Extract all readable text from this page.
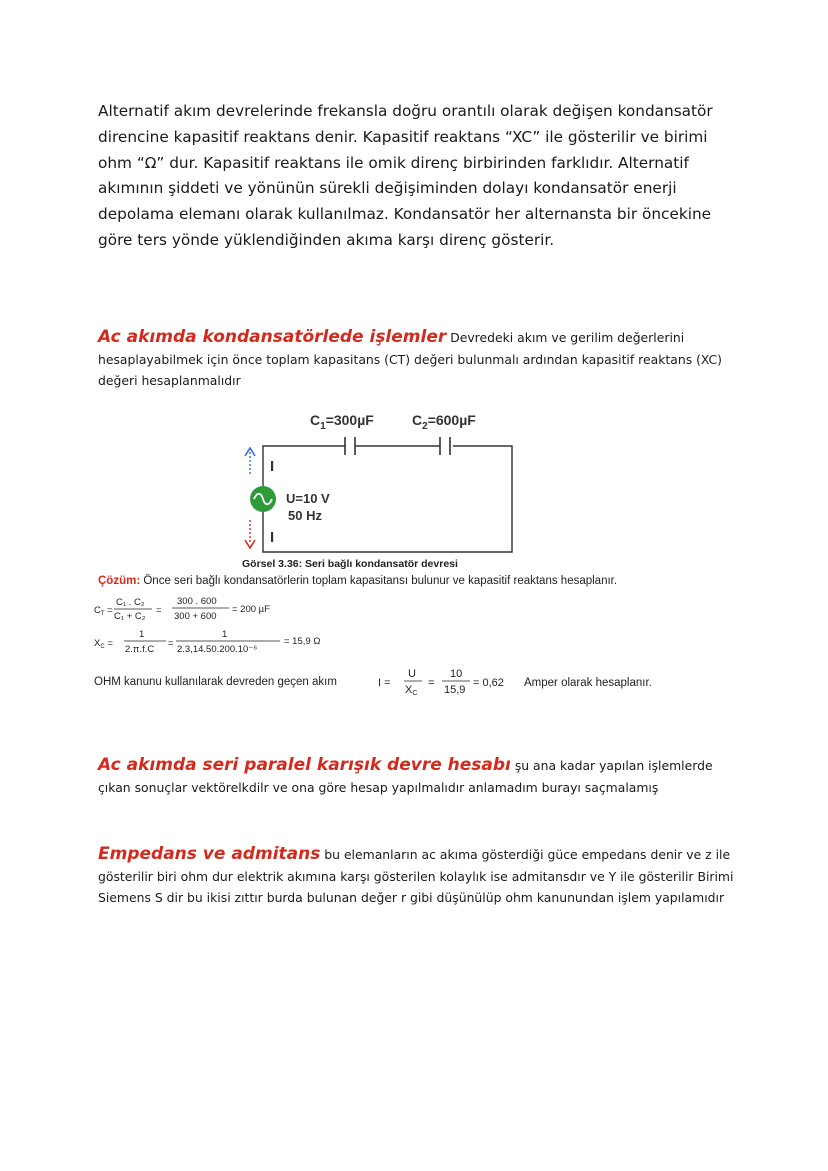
Alternatif akım devrelerinde frekansla doğru orantılı olarak değişen kondansatör direncine kapasitif reaktans denir. Kapasitif reaktans “XC” ile gösterilir ve birimi ohm “Ω” dur. Kapasitif reaktans ile omik direnç birbirinden farklıdır. Alternatif akımının şiddeti ve yönünün sürekli değişiminden dolayı kondansatör enerji depolama elemanı olarak kullanılmaz. Kondansatör her alternansta bir öncekine göre ters yönde yüklendiğinden akıma karşı direnç gösterir.

Ac akımda kondansatörlede işlemler Devredeki akım ve gerilim değerlerini hesaplayabilmek için önce toplam kapasitans (CT) değeri bulunmalı ardından kapasitif reaktans (XC) değeri hesaplanmalıdır

$C_1=300\mu F$	$C_2=600\mu F$
U=10 V
50 Hz
I
I
Görsel 3.36: Seri bağlı kondansatör devresi
Çözüm: Önce seri bağlı kondansatörlerin toplam kapasitansı bulunur ve kapasitif reaktans hesaplanır.
$C_T$ =
C₁ . C₂
C₁ + C₂
=
300 . 600
300 + 600
= 200 µF
$X_C$ =
1
2.π.f.C
=
1
2.3,14.50.200.10⁻⁶
= 15,9 Ω
OHM kanunu kullanılarak devreden geçen akım	I =
U
XC
=
10
15,9
= 0,62 Amper olarak hesaplanır.

Ac akımda seri paralel karışık devre hesabı şu ana kadar yapılan işlemlerde çıkan sonuçlar vektörelkdilr ve ona göre hesap yapılmalıdır anlamadım burayı saçmalamış

Empedans ve admitans bu elemanların ac akıma gösterdiği güce empedans denir ve z ile gösterilir biri ohm dur elektrik akımına karşı gösterilen kolaylık ise admitansdır ve Y ile gösterilir Birimi Siemens S dir bu ikisi zıttır burda bulunan değer r gibi düşünülüp ohm kanunundan işlem yapılamıdır
